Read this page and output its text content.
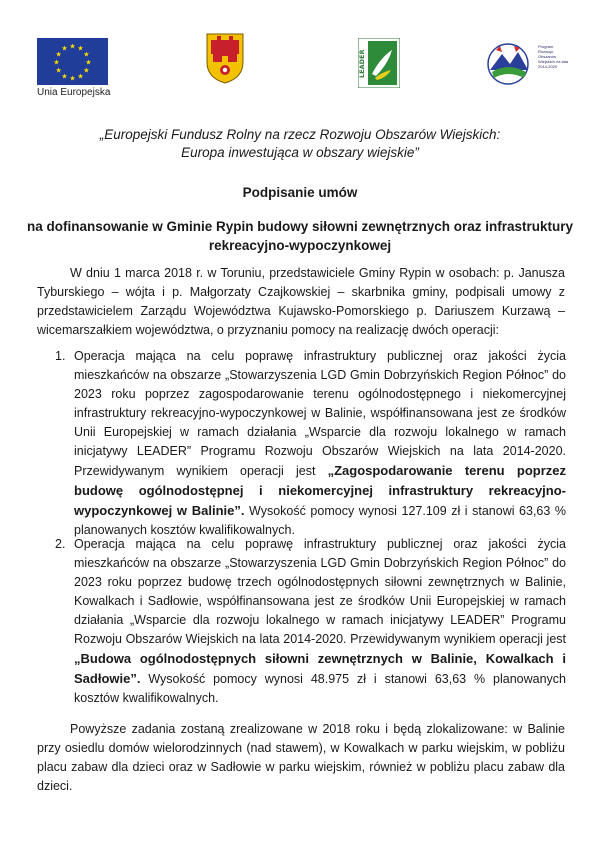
★ ★
★
★
★
★
★
★
★
★
★
★
Unia Europejska
LEADER
Program Rozwoju Obszarów Wiejskich na lata 2014-2020
„Europejski Fundusz Rolny na rzecz Rozwoju Obszarów Wiejskich:
Europa inwestująca w obszary wiejskie”
Podpisanie umów
na dofinansowanie w Gminie Rypin budowy siłowni zewnętrznych oraz infrastruktury
rekreacyjno-wypoczynkowej
W dniu 1 marca 2018 r. w Toruniu, przedstawiciele Gminy Rypin w osobach: p. Janusza Tyburskiego – wójta i p. Małgorzaty Czajkowskiej – skarbnika gminy, podpisali umowy z przedstawicielem Zarządu Województwa Kujawsko-Pomorskiego p. Dariuszem Kurzawą – wicemarszałkiem województwa, o przyznaniu pomocy na realizację dwóch operacji:
1. Operacja mająca na celu poprawę infrastruktury publicznej oraz jakości życia mieszkańców na obszarze „Stowarzyszenia LGD Gmin Dobrzyńskich Region Północ” do 2023 roku poprzez zagospodarowanie terenu ogólnodostępnego i niekomercyjnej infrastruktury rekreacyjno-wypoczynkowej w Balinie, współfinansowana jest ze środków Unii Europejskiej w ramach działania „Wsparcie dla rozwoju lokalnego w ramach inicjatywy LEADER” Programu Rozwoju Obszarów Wiejskich na lata 2014-2020. Przewidywanym wynikiem operacji jest „Zagospodarowanie terenu poprzez budowę ogólnodostępnej i niekomercyjnej infrastruktury rekreacyjno-wypoczynkowej w Balinie”. Wysokość pomocy wynosi 127.109 zł i stanowi 63,63 % planowanych kosztów kwalifikowalnych.
2. Operacja mająca na celu poprawę infrastruktury publicznej oraz jakości życia mieszkańców na obszarze „Stowarzyszenia LGD Gmin Dobrzyńskich Region Północ” do 2023 roku poprzez budowę trzech ogólnodostępnych siłowni zewnętrznych w Balinie, Kowalkach i Sadłowie, współfinansowana jest ze środków Unii Europejskiej w ramach działania „Wsparcie dla rozwoju lokalnego w ramach inicjatywy LEADER” Programu Rozwoju Obszarów Wiejskich na lata 2014-2020. Przewidywanym wynikiem operacji jest „Budowa ogólnodostępnych siłowni zewnętrznych w Balinie, Kowalkach i Sadłowie”. Wysokość pomocy wynosi 48.975 zł i stanowi 63,63 % planowanych kosztów kwalifikowalnych.
Powyższe zadania zostaną zrealizowane w 2018 roku i będą zlokalizowane: w Balinie przy osiedlu domów wielorodzinnych (nad stawem), w Kowalkach w parku wiejskim, w pobliżu placu zabaw dla dzieci oraz w Sadłowie w parku wiejskim, również w pobliżu placu zabaw dla dzieci.
